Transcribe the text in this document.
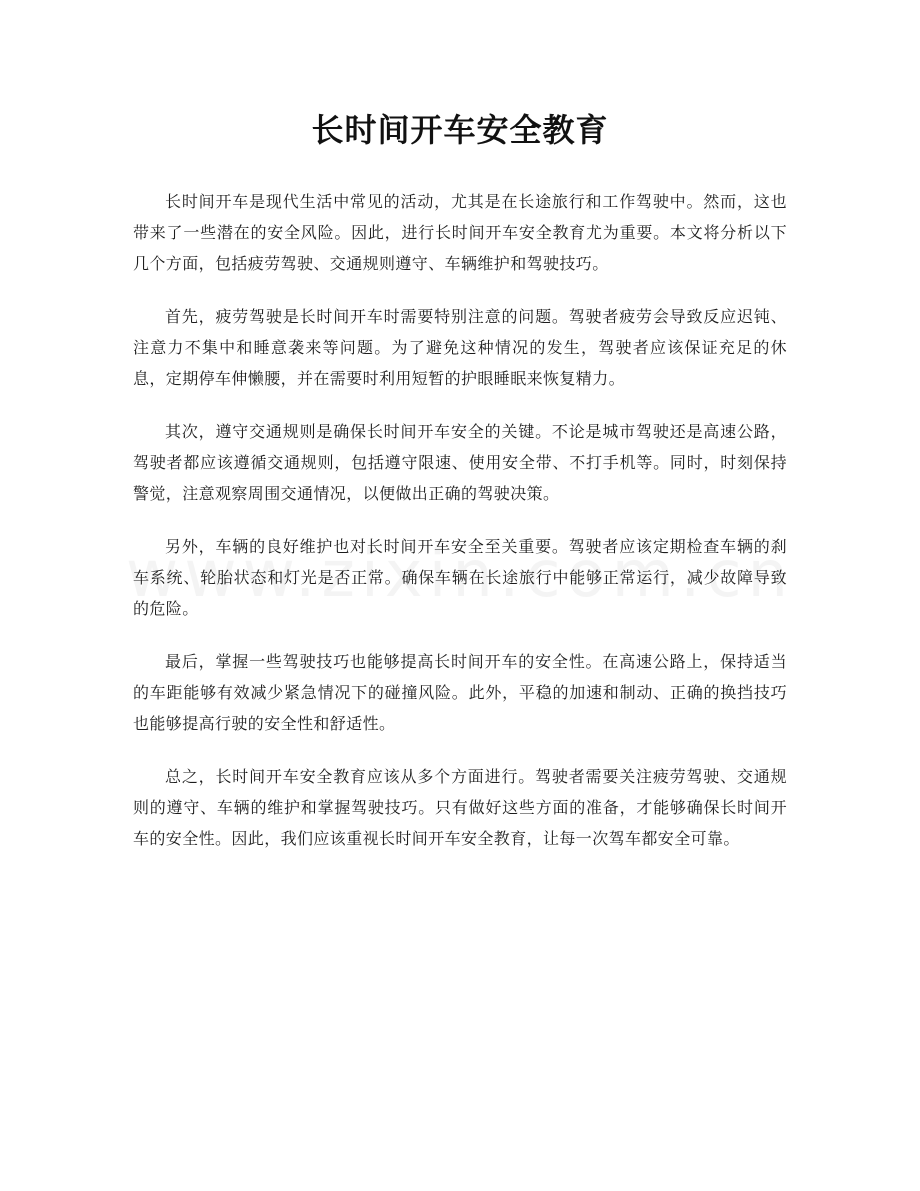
长时间开车安全教育

长时间开车是现代生活中常见的活动，尤其是在长途旅行和工作驾驶中。然而，这也带来了一些潜在的安全风险。因此，进行长时间开车安全教育尤为重要。本文将分析以下几个方面，包括疲劳驾驶、交通规则遵守、车辆维护和驾驶技巧。

首先，疲劳驾驶是长时间开车时需要特别注意的问题。驾驶者疲劳会导致反应迟钝、注意力不集中和睡意袭来等问题。为了避免这种情况的发生，驾驶者应该保证充足的休息，定期停车伸懒腰，并在需要时利用短暂的护眼睡眠来恢复精力。

其次，遵守交通规则是确保长时间开车安全的关键。不论是城市驾驶还是高速公路，驾驶者都应该遵循交通规则，包括遵守限速、使用安全带、不打手机等。同时，时刻保持警觉，注意观察周围交通情况，以便做出正确的驾驶决策。

另外，车辆的良好维护也对长时间开车安全至关重要。驾驶者应该定期检查车辆的刹车系统、轮胎状态和灯光是否正常。确保车辆在长途旅行中能够正常运行，减少故障导致的危险。

最后，掌握一些驾驶技巧也能够提高长时间开车的安全性。在高速公路上，保持适当的车距能够有效减少紧急情况下的碰撞风险。此外，平稳的加速和制动、正确的换挡技巧也能够提高行驶的安全性和舒适性。

总之，长时间开车安全教育应该从多个方面进行。驾驶者需要关注疲劳驾驶、交通规则的遵守、车辆的维护和掌握驾驶技巧。只有做好这些方面的准备，才能够确保长时间开车的安全性。因此，我们应该重视长时间开车安全教育，让每一次驾车都安全可靠。
